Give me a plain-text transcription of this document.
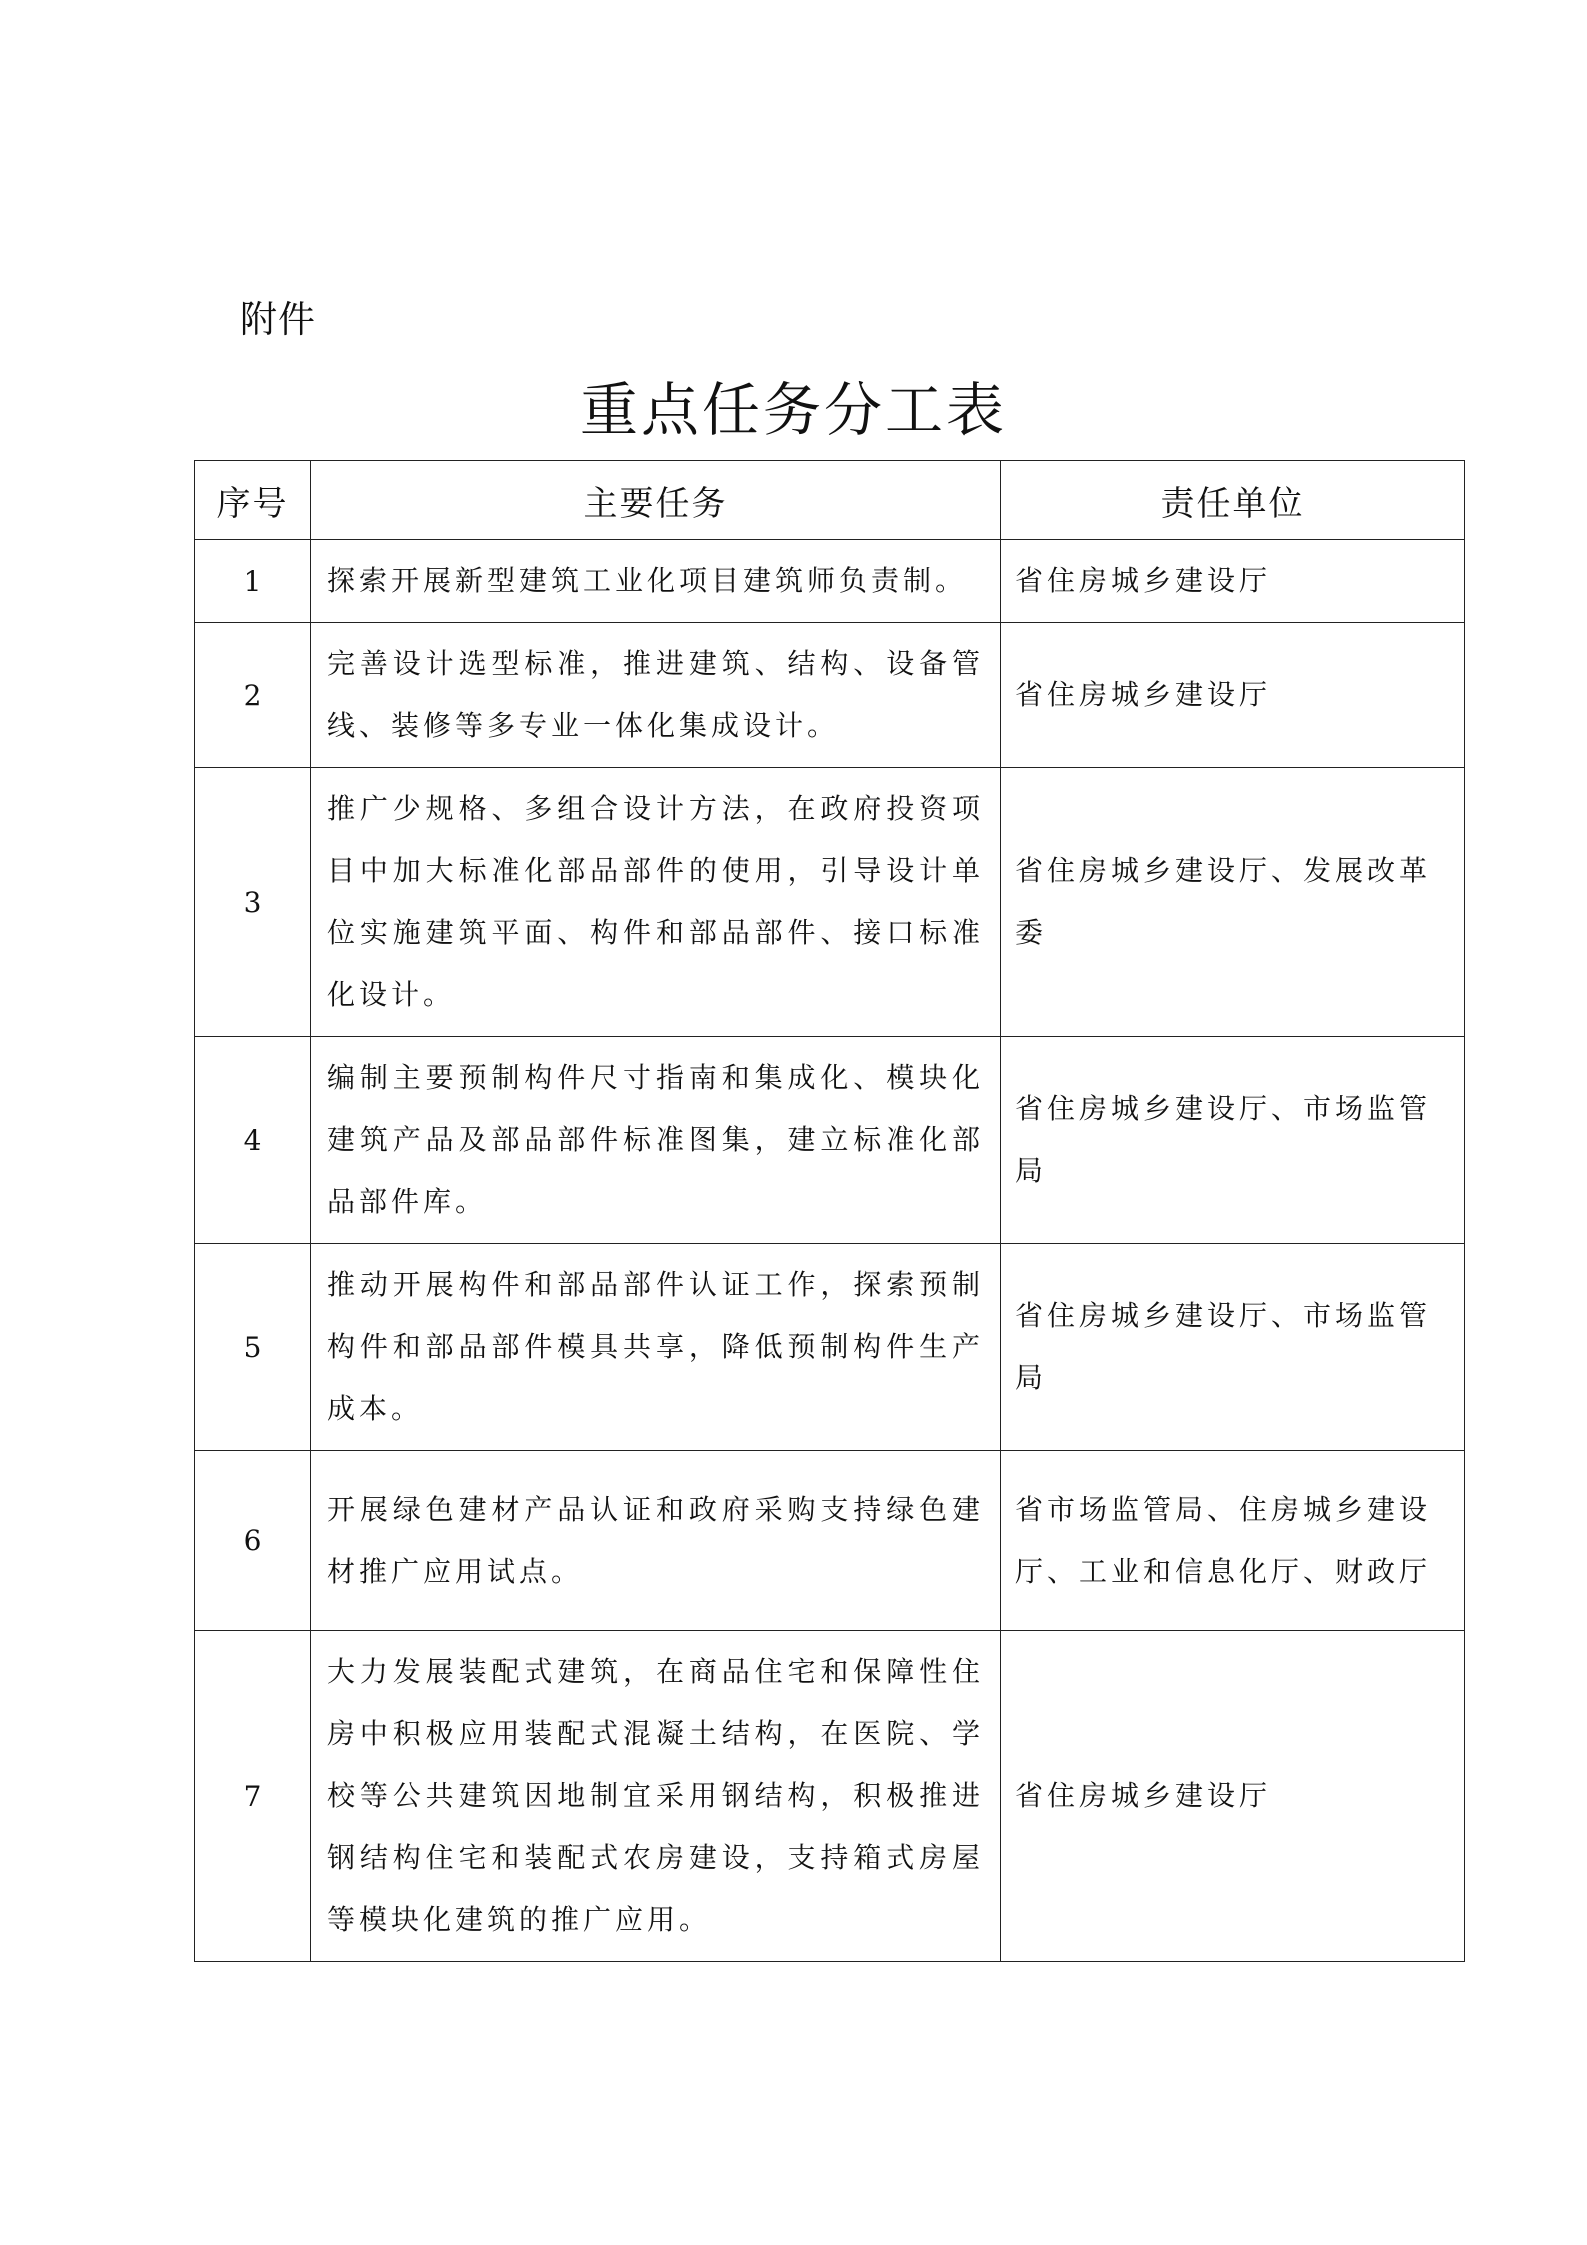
附件
重点任务分工表
序号	主要任务	责任单位
1	探索开展新型建筑工业化项目建筑师负责制。	省住房城乡建设厅
2	完善设计选型标准，推进建筑、结构、设备管线、装修等多专业一体化集成设计。	省住房城乡建设厅
3	推广少规格、多组合设计方法，在政府投资项目中加大标准化部品部件的使用，引导设计单位实施建筑平面、构件和部品部件、接口标准化设计。	省住房城乡建设厅、发展改革委
4	编制主要预制构件尺寸指南和集成化、模块化建筑产品及部品部件标准图集，建立标准化部品部件库。	省住房城乡建设厅、市场监管局
5	推动开展构件和部品部件认证工作，探索预制构件和部品部件模具共享，降低预制构件生产成本。	省住房城乡建设厅、市场监管局
6	开展绿色建材产品认证和政府采购支持绿色建材推广应用试点。	省市场监管局、住房城乡建设厅、工业和信息化厅、财政厅
7	大力发展装配式建筑，在商品住宅和保障性住房中积极应用装配式混凝土结构，在医院、学校等公共建筑因地制宜采用钢结构，积极推进钢结构住宅和装配式农房建设，支持箱式房屋等模块化建筑的推广应用。	省住房城乡建设厅
